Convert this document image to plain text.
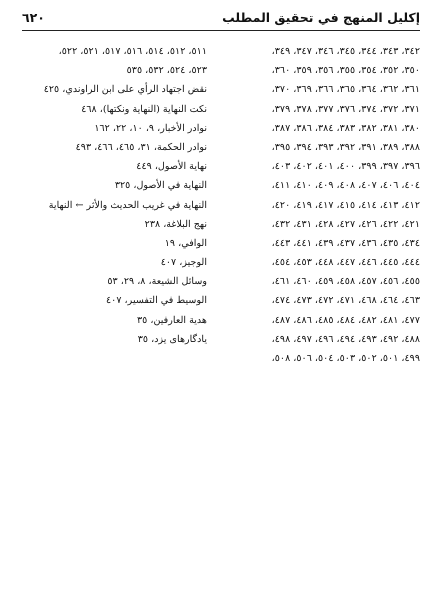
إكليل المنهج في تحقيق المطلب
٦٢٠
٣٤٢، ٣٤٣، ٣٤٤، ٣٤٥، ٣٤٦، ٣٤٧، ٣٤٩،
٣٥٠، ٣٥٢، ٣٥٤، ٣٥٥، ٣٥٦، ٣٥٩، ٣٦٠،
٣٦١، ٣٦٢، ٣٦٤، ٣٦٥، ٣٦٦، ٣٦٩، ٣٧٠،
٣٧١، ٣٧٢، ٣٧٤، ٣٧٦، ٣٧٧، ٣٧٨، ٣٧٩،
٣٨٠، ٣٨١، ٣٨٢، ٣٨٣، ٣٨٤، ٣٨٦، ٣٨٧،
٣٨٨، ٣٨٩، ٣٩١، ٣٩٢، ٣٩٣، ٣٩٤، ٣٩٥،
٣٩٦، ٣٩٧، ٣٩٩، ٤٠٠، ٤٠١، ٤٠٢، ٤٠٣،
٤٠٤، ٤٠٦، ٤٠٧، ٤٠٨، ٤٠٩، ٤١٠، ٤١١،
٤١٢، ٤١٣، ٤١٤، ٤١٥، ٤١٧، ٤١٩، ٤٢٠،
٤٢١، ٤٢٢، ٤٢٦، ٤٢٧، ٤٢٨، ٤٣١، ٤٣٢،
٤٣٤، ٤٣٥، ٤٣٦، ٤٣٧، ٤٣٩، ٤٤١، ٤٤٣،
٤٤٤، ٤٤٥، ٤٤٦، ٤٤٧، ٤٤٨، ٤٥٣، ٤٥٤،
٤٥٥، ٤٥٦، ٤٥٧، ٤٥٨، ٤٥٩، ٤٦٠، ٤٦١،
٤٦٣، ٤٦٤، ٤٦٨، ٤٧١، ٤٧٢، ٤٧٣، ٤٧٤،
٤٧٧، ٤٨١، ٤٨٢، ٤٨٤، ٤٨٥، ٤٨٦، ٤٨٧،
٤٨٨، ٤٩٢، ٤٩٣، ٤٩٤، ٤٩٦، ٤٩٧، ٤٩٨،
٤٩٩، ٥٠١، ٥٠٢، ٥٠٣، ٥٠٤، ٥٠٦، ٥٠٨،
٥١١، ٥١٢، ٥١٤، ٥١٦، ٥١٧، ٥٢١، ٥٢٢،
٥٢٣، ٥٢٤، ٥٣٢، ٥٣٥
نقض اجتهاد الرأي على ابن الراوندي، ٤٢٥
نكت النهاية (النهاية ونكتها)، ٤٦٨
نوادر الأخبار، ٩، ١٠، ٢٢، ١٦٢
نوادر الحكمة، ٣١، ٤٦٥، ٤٦٦، ٤٩٣
نهاية الأصول، ٤٤٩
النهاية في الأصول، ٣٢٥
النهاية في غريب الحديث والأثر ← النهاية
نهج البلاغة، ٢٣٨
الوافي، ١٩
الوجيز، ٤٠٧
وسائل الشيعة، ٨، ٢٩، ٥٣
الوسيط في التفسير، ٤٠٧
هدية العارفين، ٣٥
يادگارهای يزد، ٣٥
